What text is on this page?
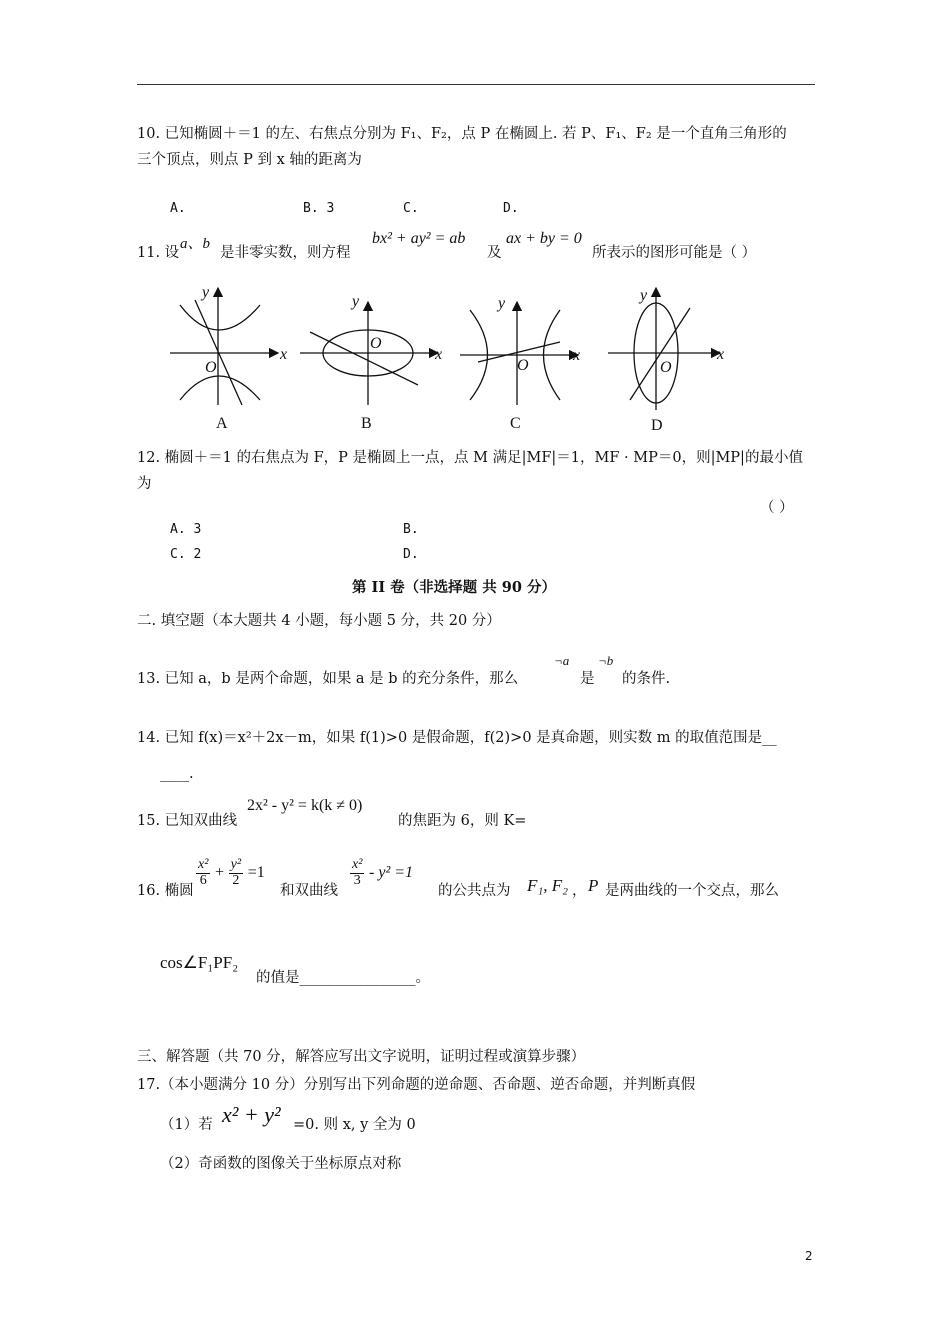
10. 已知椭圆＋＝1 的左、右焦点分别为 F₁、F₂，点 P 在椭圆上. 若 P、F₁、F₂ 是一个直角三角形的
三个顶点，则点 P 到 x 轴的距离为
A.	B. 3	C.	D.
11. 设
a、b
是非零实数，则方程
bx² + ay² = ab
及
ax + by = 0
所表示的图形可能是（ ）
y
x
O
y
x
O
y
x
O
y
x
O
A	B	C	D
12. 椭圆＋＝1 的右焦点为 F，P 是椭圆上一点，点 M 满足|MF|＝1，MF · MP＝0，则|MP|的最小值
为
（ ）
A. 3	B.
C. 2	D.
第 II 卷（非选择题 共 90 分）
二. 填空题（本大题共 4 小题，每小题 5 分，共 20 分）
13. 已知 a，b 是两个命题，如果 a 是 b 的充分条件，那么
¬a
是
¬b
的条件.
14. 已知 f(x)＝x²＋2x－m，如果 f(1)>0 是假命题，f(2)>0 是真命题，则实数 m 的取值范围是__
____.
15. 已知双曲线
2x² - y² = k(k ≠ 0)
的焦距为 6，则 K=
16. 椭圆
$\frac{\text{x²}}{6} + \frac{\text{y²}}{2} =1$
和双曲线
$\frac{\text{x²}}{3} - y^2 =1$
的公共点为 F₁, F₂ ， P 是两曲线的一个交点，那么
cos∠F₁PF₂
的值是________________。
三、解答题（共 70 分，解答应写出文字说明，证明过程或演算步骤）
17.（本小题满分 10 分）分别写出下列命题的逆命题、否命题、逆否命题，并判断真假
（1）若 x² + y² =0. 则 x, y 全为 0
（2）奇函数的图像关于坐标原点对称
2
